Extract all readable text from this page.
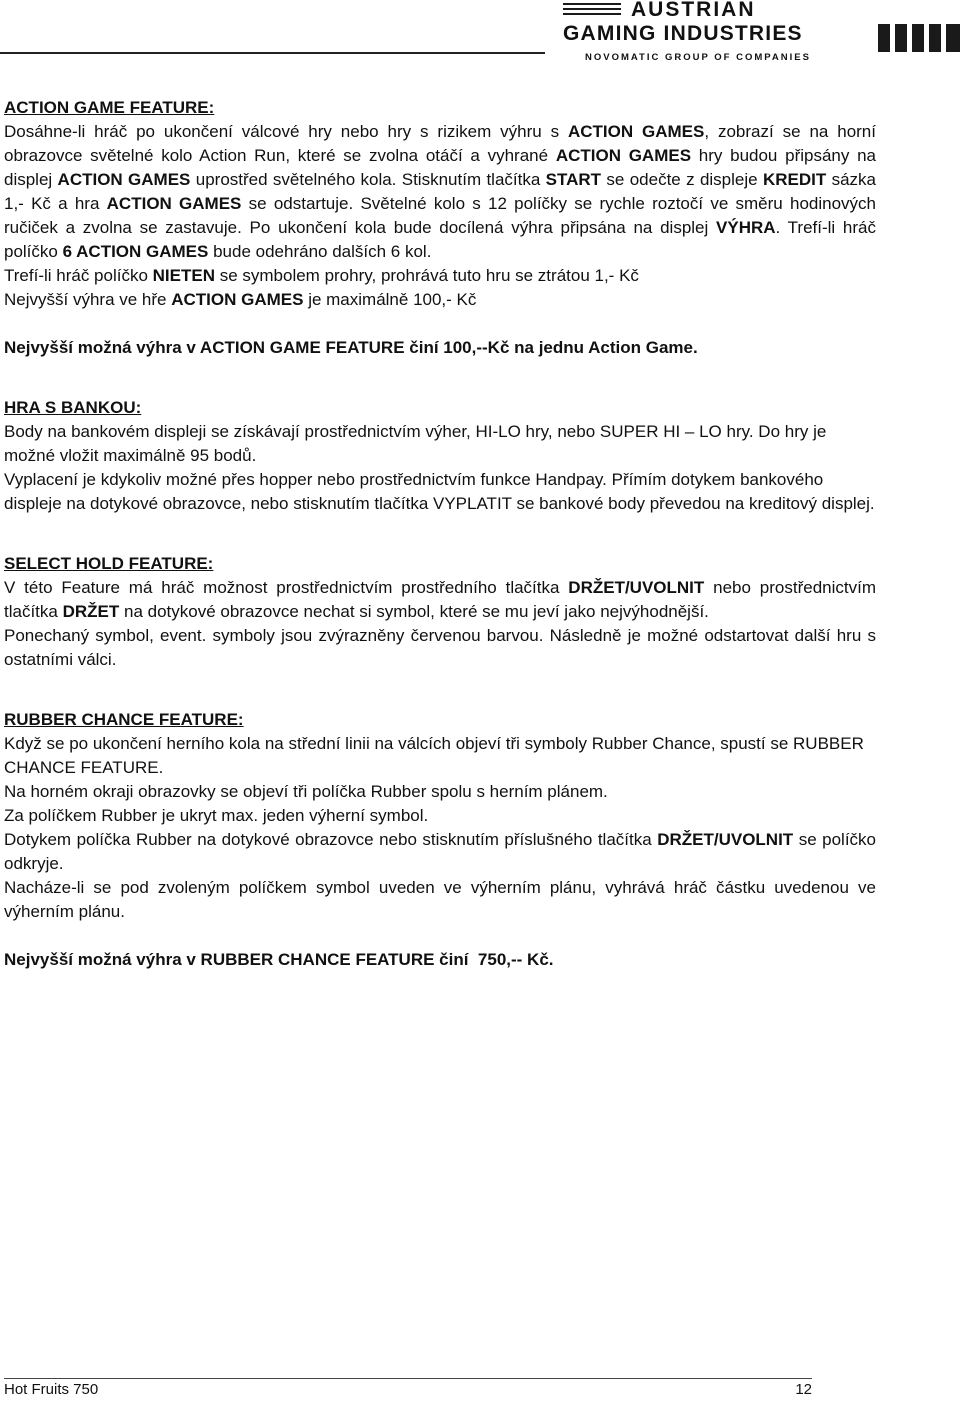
AUSTRIAN
GAMING INDUSTRIES
NOVOMATIC GROUP OF COMPANIES
ACTION GAME FEATURE:
Dosáhne-li hráč po ukončení válcové hry nebo hry s rizikem výhru s ACTION GAMES, zobrazí se na horní obrazovce světelné kolo Action Run, které se zvolna otáčí a vyhrané ACTION GAMES hry budou připsány na displej ACTION GAMES uprostřed světelného kola. Stisknutím tlačítka START se odečte z displeje KREDIT sázka 1,- Kč a hra ACTION GAMES se odstartuje. Světelné kolo s 12 políčky se rychle roztočí ve směru hodinových ručiček a zvolna se zastavuje. Po ukončení kola bude docílená výhra připsána na displej VÝHRA. Trefí-li hráč políčko 6 ACTION GAMES bude odehráno dalších 6 kol.
Trefí-li hráč políčko NIETEN se symbolem prohry, prohrává tuto hru se ztrátou 1,- Kč
Nejvyšší výhra ve hře ACTION GAMES je maximálně 100,- Kč
Nejvyšší možná výhra v ACTION GAME FEATURE činí 100,--Kč na jednu Action Game.
HRA S BANKOU:
Body na bankovém displeji se získávají prostřednictvím výher, HI-LO hry, nebo SUPER HI – LO hry. Do hry je možné vložit maximálně 95 bodů.
Vyplacení je kdykoliv možné přes hopper nebo prostřednictvím funkce Handpay. Přímím dotykem bankového displeje na dotykové obrazovce, nebo stisknutím tlačítka VYPLATIT se bankové body převedou na kreditový displej.
SELECT HOLD FEATURE:
V této Feature má hráč možnost prostřednictvím prostředního tlačítka DRŽET/UVOLNIT nebo prostřednictvím tlačítka DRŽET na dotykové obrazovce nechat si symbol, které se mu jeví jako nejvýhodnější.
Ponechaný symbol, event. symboly jsou zvýrazněny červenou barvou. Následně je možné odstartovat další hru s ostatními válci.
RUBBER CHANCE FEATURE:
Když se po ukončení herního kola na střední linii na válcích objeví tři symboly Rubber Chance, spustí se RUBBER CHANCE FEATURE.
Na horném okraji obrazovky se objeví tři políčka Rubber spolu s herním plánem.
Za políčkem Rubber je ukryt max. jeden výherní symbol.
Dotykem políčka Rubber na dotykové obrazovce nebo stisknutím příslušného tlačítka DRŽET/UVOLNIT se políčko odkryje.
Nacháze-li se pod zvoleným políčkem symbol uveden ve výherním plánu, vyhrává hráč částku uvedenou ve výherním plánu.
Nejvyšší možná výhra v RUBBER CHANCE FEATURE činí  750,-- Kč.
Hot Fruits 750	12
